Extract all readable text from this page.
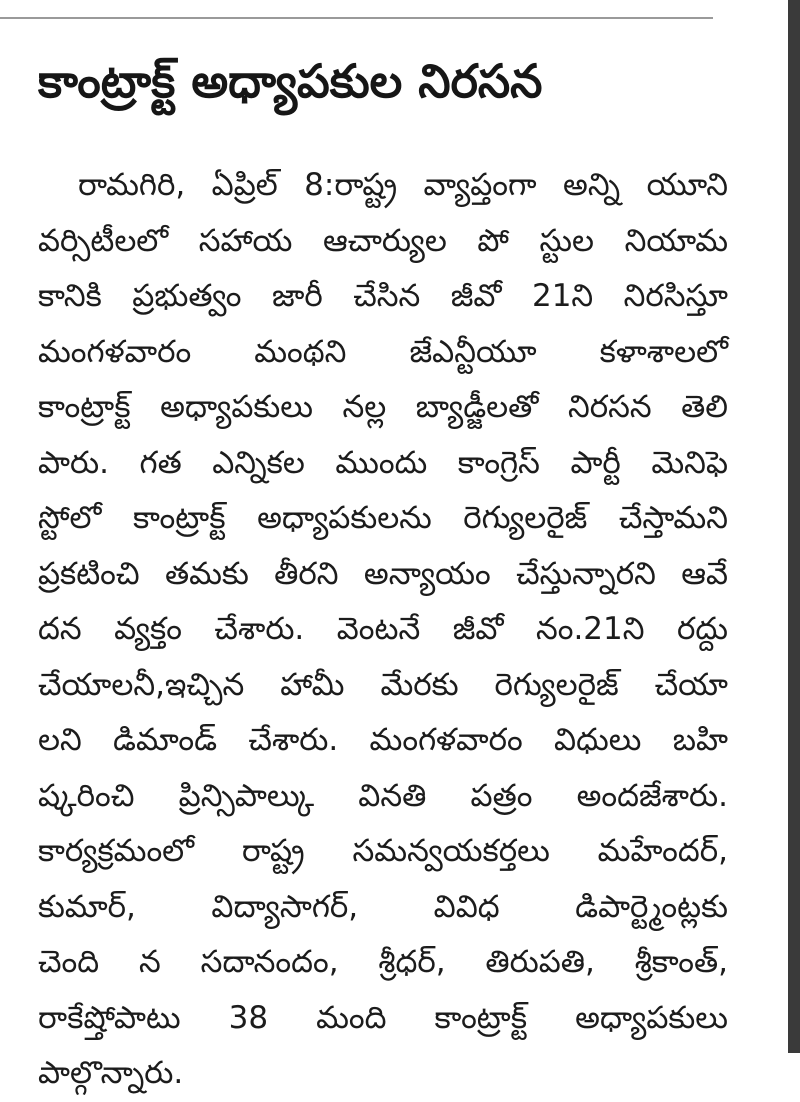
కాంట్రాక్ట్ అధ్యాపకుల నిరసన
రామగిరి, ఏప్రిల్ 8:రాష్ట్ర వ్యాప్తంగా అన్ని యూని
వర్సిటీలలో సహాయ ఆచార్యుల పో స్టుల నియామ
కానికి ప్రభుత్వం జారీ చేసిన జీవో 21ని నిరసిస్తూ
మంగళవారం మంథని జేఎన్టీయూ కళాశాలలో
కాంట్రాక్ట్ అధ్యాపకులు నల్ల బ్యాడ్జీలతో నిరసన తెలి
పారు. గత ఎన్నికల ముందు కాంగ్రెస్ పార్టీ మెనిఫె
స్టోలో కాంట్రాక్ట్ అధ్యాపకులను రెగ్యులరైజ్ చేస్తామని
ప్రకటించి తమకు తీరని అన్యాయం చేస్తున్నారని ఆవే
దన వ్యక్తం చేశారు. వెంటనే జీవో నం.21ని రద్దు
చేయాలనీ,ఇచ్చిన హామీ మేరకు రెగ్యులరైజ్ చేయా
లని డిమాండ్ చేశారు. మంగళవారం విధులు బహి
ష్కరించి ప్రిన్సిపాల్కు వినతి పత్రం అందజేశారు.
కార్యక్రమంలో రాష్ట్ర సమన్వయకర్తలు మహేందర్,
కుమార్, విద్యాసాగర్, వివిధ డిపార్ట్మెంట్లకు
చెంది న సదానందం, శ్రీధర్, తిరుపతి, శ్రీకాంత్,
రాకేష్తోపాటు 38 మంది కాంట్రాక్ట్ అధ్యాపకులు
పాల్గొన్నారు.
